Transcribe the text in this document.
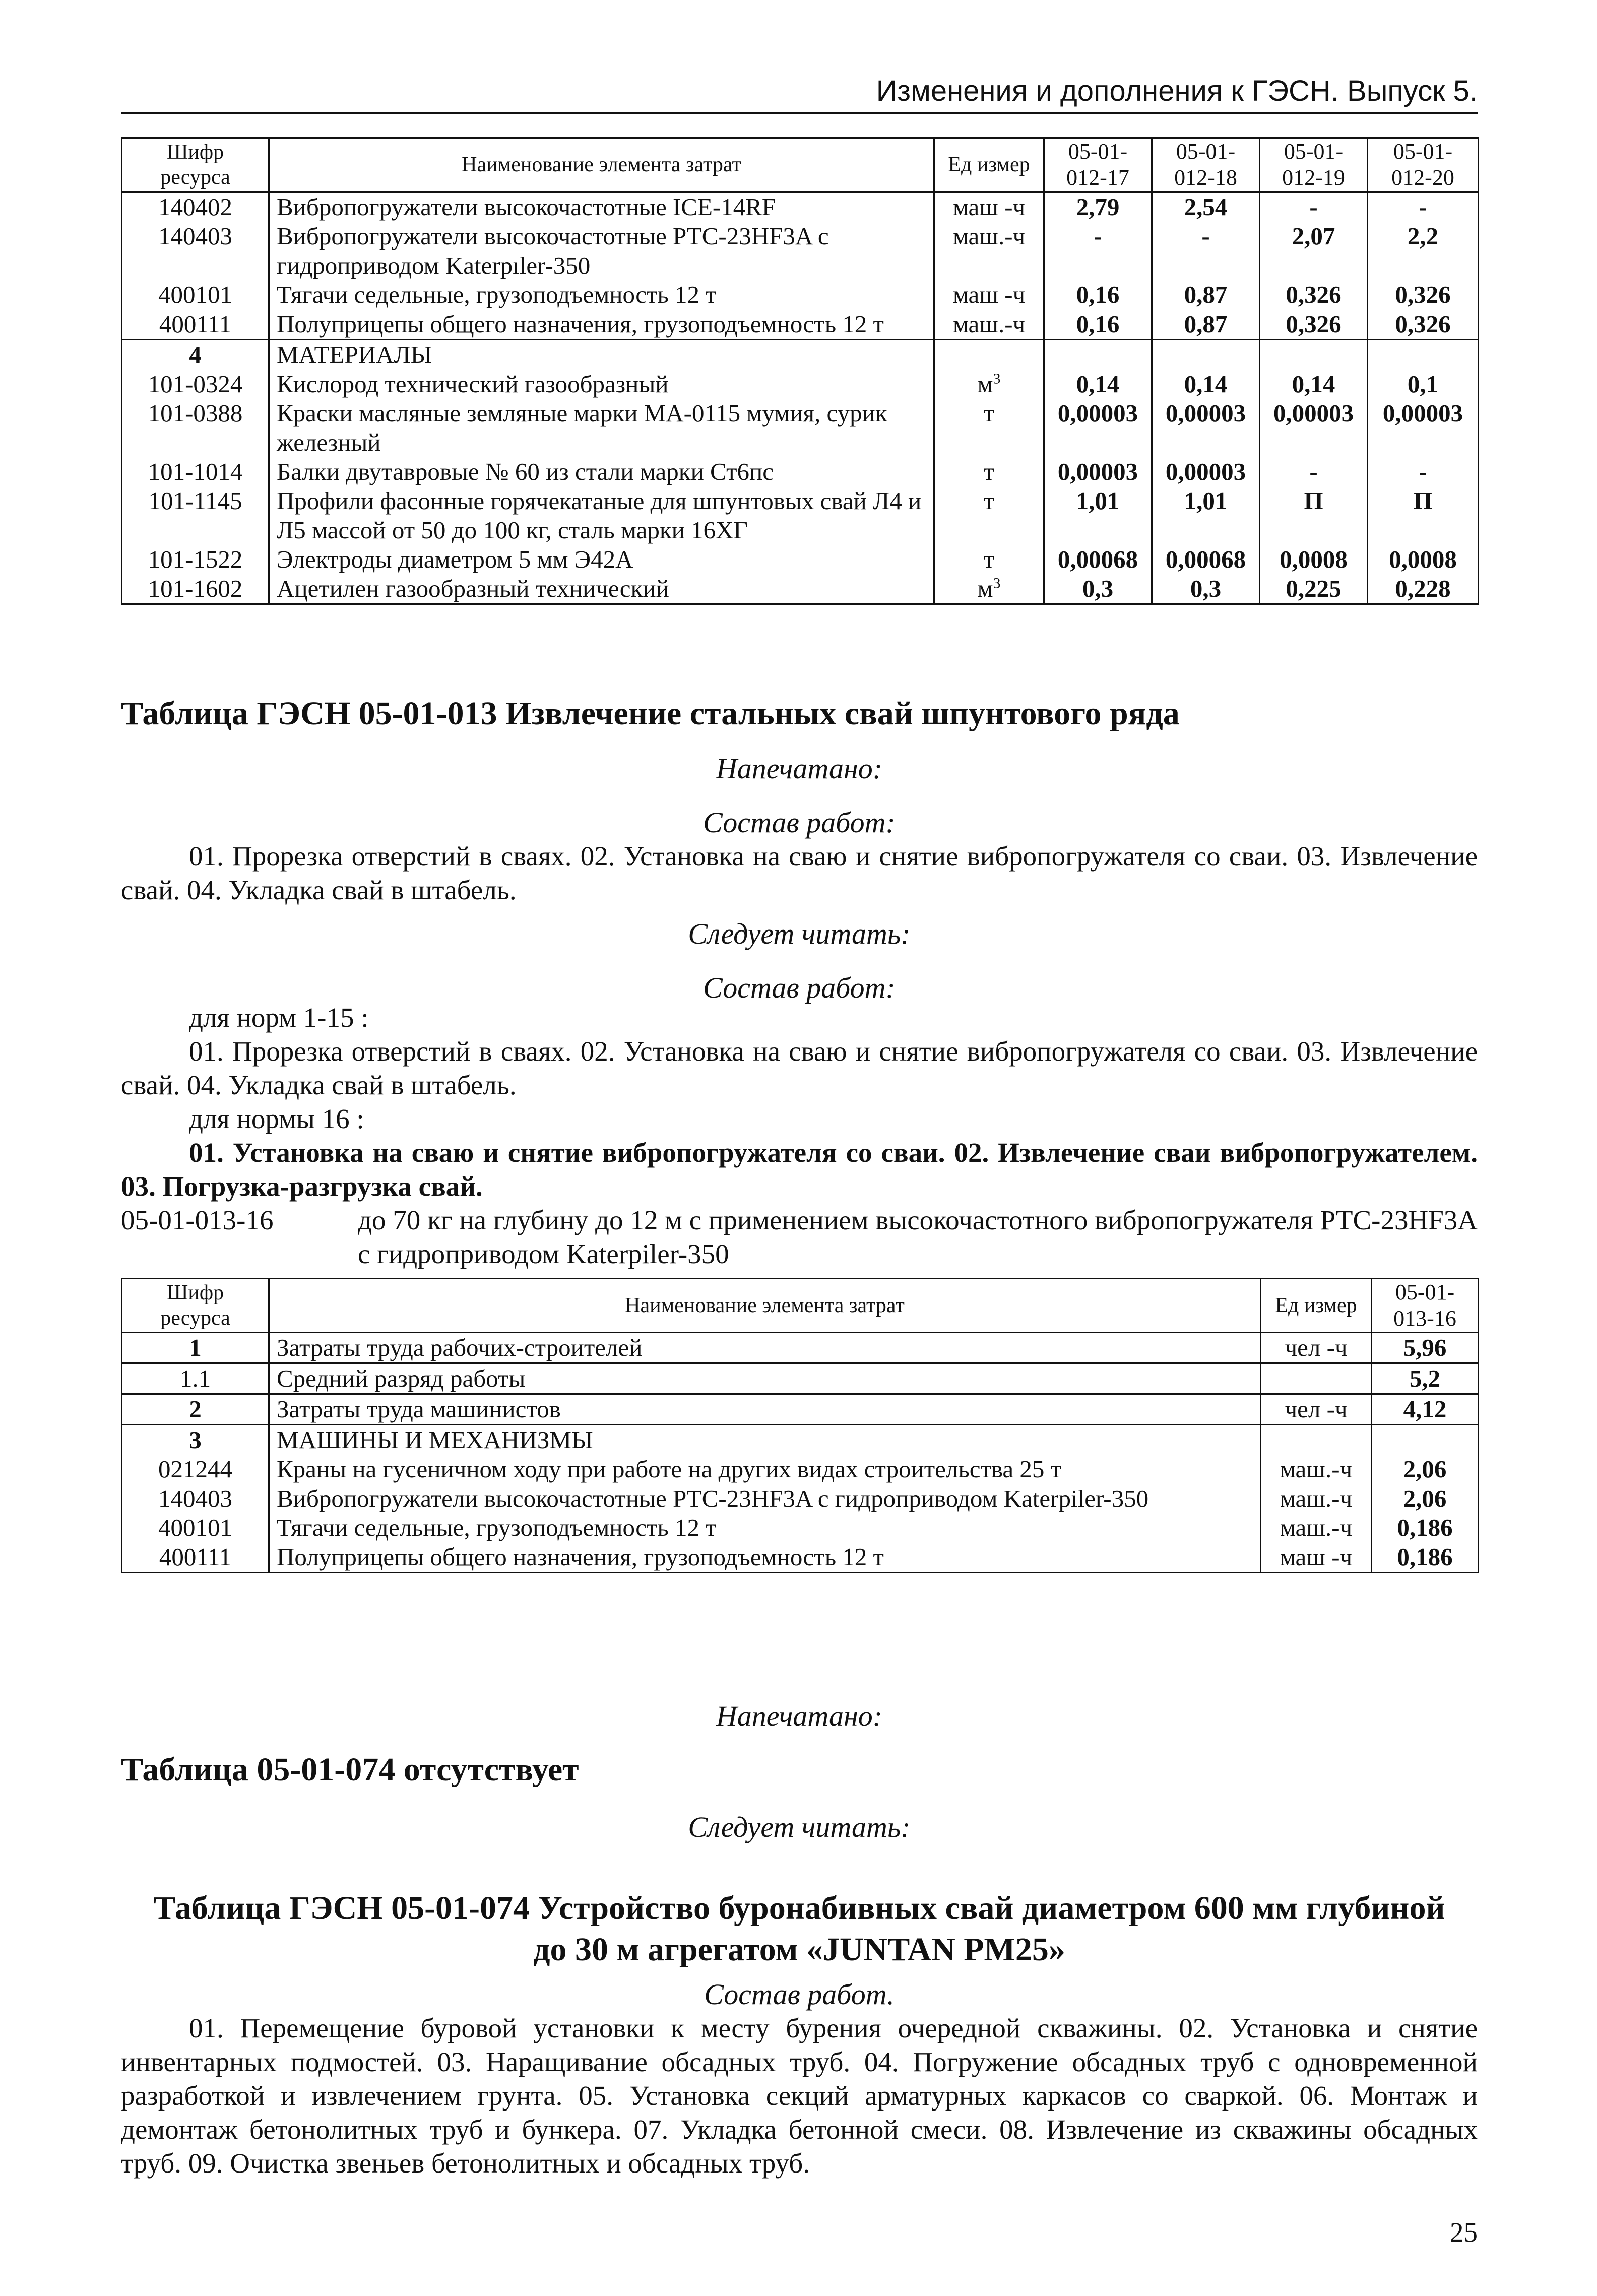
Изменения и дополнения к ГЭСН. Выпуск 5.
Шифр ресурса	Наименование элемента затрат	Ед измер	05-01-012-17	05-01-012-18	05-01-012-19	05-01-012-20
140402	Вибропогружатели высокочастотные ICE-14RF	маш -ч	2,79	2,54	-	-
140403	Вибропогружатели высокочастотные РТС-23HF3A с гидроприводом Katerpıler-350	маш.-ч	-	-	2,07	2,2
400101	Тягачи седельные, грузоподъемность 12 т	маш -ч	0,16	0,87	0,326	0,326
400111	Полуприцепы общего назначения, грузоподъемность 12 т	маш.-ч	0,16	0,87	0,326	0,326
4	МАТЕРИАЛЫ					
101-0324	Кислород технический газообразный	$м^3$	0,14	0,14	0,14	0,1
101-0388	Краски масляные земляные марки МА-0115 мумия, сурик железный	т	0,00003	0,00003	0,00003	0,00003
101-1014	Балки двутавровые № 60 из стали марки Ст6пс	т	0,00003	0,00003	-	-
101-1145	Профили фасонные горячекатаные для шпунтовых свай Л4 и Л5 массой от 50 до 100 кг, сталь марки 16ХГ	т	1,01	1,01	П	П
101-1522	Электроды диаметром 5 мм Э42А	т	0,00068	0,00068	0,0008	0,0008
101-1602	Ацетилен газообразный технический	$м^3$	0,3	0,3	0,225	0,228
Таблица ГЭСН 05-01-013 Извлечение стальных свай шпунтового ряда
Напечатано:
Состав работ:
01. Прорезка отверстий в сваях. 02. Установка на сваю и снятие вибропогружателя со сваи. 03. Извлечение свай. 04. Укладка свай в штабель.
Следует читать:
Состав работ:
для норм 1-15 :
01. Прорезка отверстий в сваях. 02. Установка на сваю и снятие вибропогружателя со сваи. 03. Извлечение свай. 04. Укладка свай в штабель.
для нормы 16 :
01. Установка на сваю и снятие вибропогружателя со сваи. 02. Извлечение сваи вибропогружателем. 03. Погрузка-разгрузка свай.
05-01-013-16	до 70 кг на глубину до 12 м с применением высокочастотного вибропогружателя РТС-23HF3A с гидроприводом Katerpiler-350
Шифр ресурса	Наименование элемента затрат	Ед измер	05-01-013-16
1	Затраты труда рабочих-строителей	чел -ч	5,96
1.1	Средний разряд работы		5,2
2	Затраты труда машинистов	чел -ч	4,12
3	МАШИНЫ И МЕХАНИЗМЫ		
021244	Краны на гусеничном ходу при работе на других видах строительства 25 т	маш.-ч	2,06
140403	Вибропогружатели высокочастотные РТС-23HF3A с гидроприводом Katerpiler-350	маш.-ч	2,06
400101	Тягачи седельные, грузоподъемность 12 т	маш.-ч	0,186
400111	Полуприцепы общего назначения, грузоподъемность 12 т	маш -ч	0,186
Напечатано:
Таблица 05-01-074 отсутствует
Следует читать:
Таблица ГЭСН 05-01-074 Устройство буронабивных свай диаметром 600 мм глубиной
до 30 м агрегатом «JUNTAN PM25»
Состав работ.
01. Перемещение буровой установки к месту бурения очередной скважины. 02. Установка и снятие инвентарных подмостей. 03. Наращивание обсадных труб. 04. Погружение обсадных труб с одновременной разработкой и извлечением грунта. 05. Установка секций арматурных каркасов со сваркой. 06. Монтаж и демонтаж бетонолитных труб и бункера. 07. Укладка бетонной смеси. 08. Извлечение из скважины обсадных труб. 09. Очистка звеньев бетонолитных и обсадных труб.
25
